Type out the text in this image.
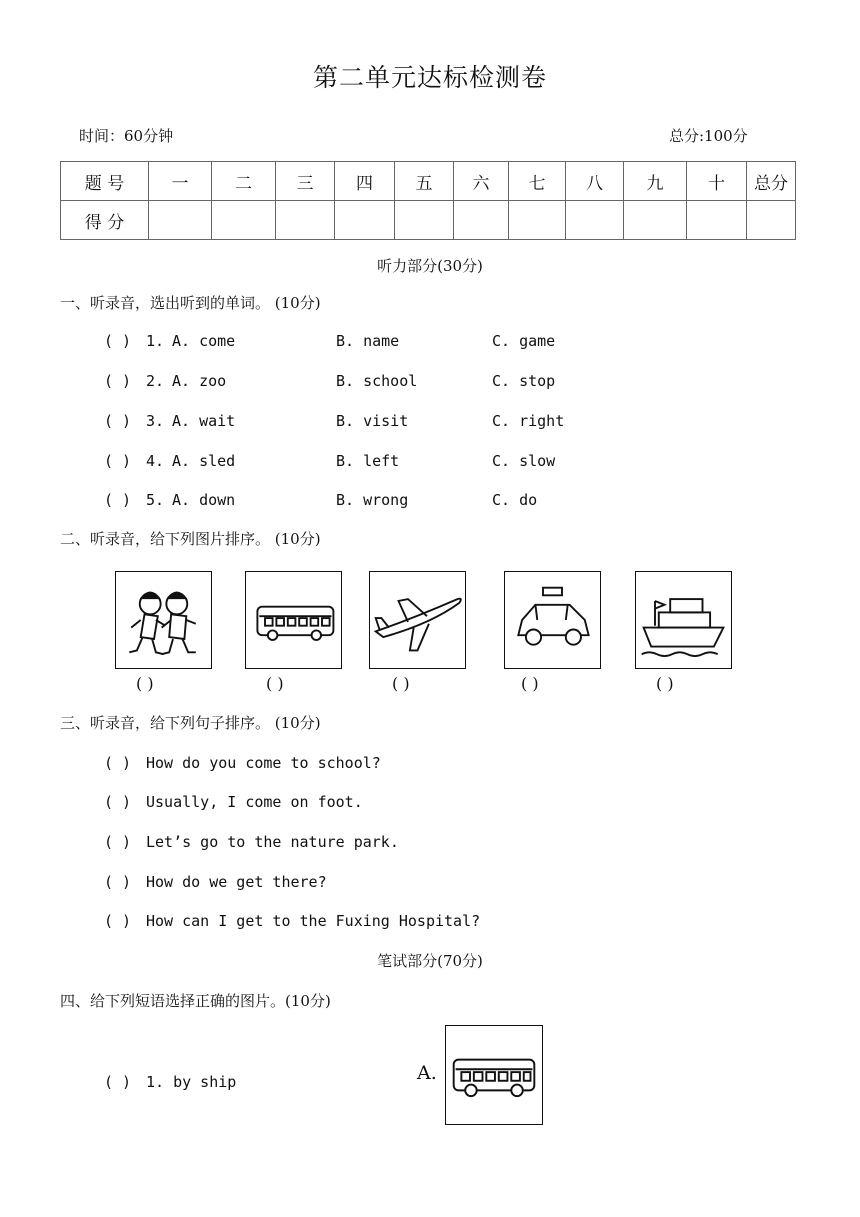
第二单元达标检测卷
时间：60分钟	总分:100分
题 号	一	二	三	四	五	六	七	八	九	十	总分
得 分											
听力部分(30分)
一、听录音，选出听到的单词。 (10分)
( ) 1. A. come	B. name	C. game
( ) 2. A. zoo	B. school	C. stop
( ) 3. A. wait	B. visit	C. right
( ) 4. A. sled	B. left	C. slow
( ) 5. A. down	B. wrong	C. do
二、听录音，给下列图片排序。 (10分)
( )	( )	( )	( )	( )
三、听录音，给下列句子排序。 (10分)
( ) How do you come to school?
( ) Usually, I come on foot.
( ) Let’s go to the nature park.
( ) How do we get there?
( ) How can I get to the Fuxing Hospital?
笔试部分(70分)
四、给下列短语选择正确的图片。(10分)
( ) 1. by ship	A.
